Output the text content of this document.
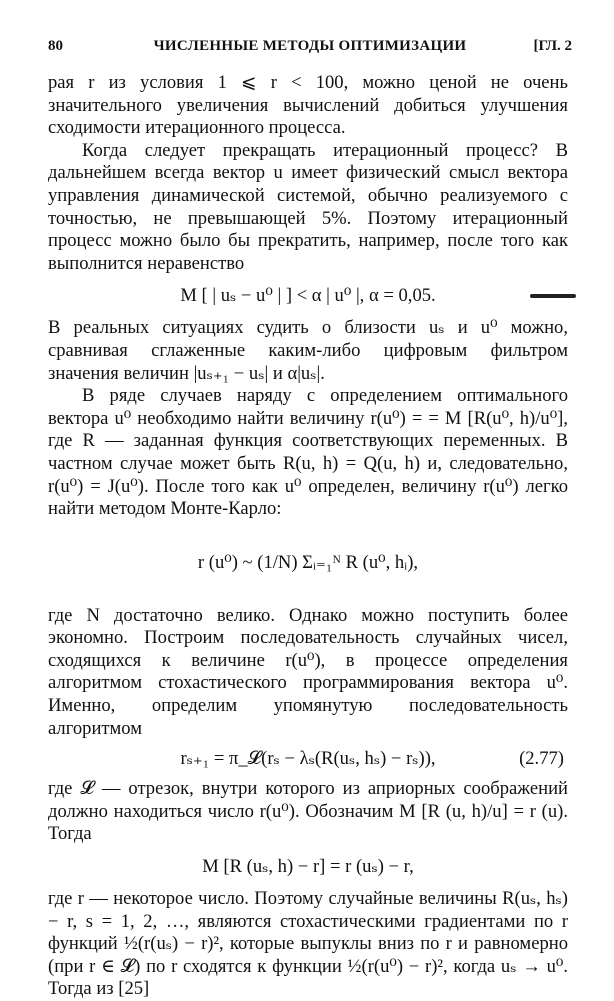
80	ЧИСЛЕННЫЕ МЕТОДЫ ОПТИМИЗАЦИИ	[ГЛ. 2

рая r из условия 1 ⩽ r < 100, можно ценой не очень значительного увеличения вычислений добиться улучшения сходимости итерационного процесса.

Когда следует прекращать итерационный процесс? В дальнейшем всегда вектор u имеет физический смысл вектора управления динамической системой, обычно реализуемого с точностью, не превышающей 5%. Поэтому итерационный процесс можно было бы прекратить, например, после того как выполнится неравенство

M [ | uₛ − u⁰ | ] < α | u⁰ |, α = 0,05.

В реальных ситуациях судить о близости uₛ и u⁰ можно, сравнивая сглаженные каким-либо цифровым фильтром значения величин |uₛ₊₁ − uₛ| и α|uₛ|.

В ряде случаев наряду с определением оптимального вектора u⁰ необходимо найти величину r(u⁰) = = M [R(u⁰, h)/u⁰], где R — заданная функция соответствующих переменных. В частном случае может быть R(u, h) = Q(u, h) и, следовательно, r(u⁰) = J(u⁰). После того как u⁰ определен, величину r(u⁰) легко найти методом Монте-Карло:

r (u⁰) ~ (1/N) Σᵢ₌₁ᴺ R (u⁰, hᵢ),

где N достаточно велико. Однако можно поступить более экономно. Построим последовательность случайных чисел, сходящихся к величине r(u⁰), в процессе определения алгоритмом стохастического программирования вектора u⁰. Именно, определим упомянутую последовательность алгоритмом

rₛ₊₁ = π_𝓛(rₛ − λₛ(R(uₛ, hₛ) − rₛ)),	(2.77)

где 𝓛 — отрезок, внутри которого из априорных соображений должно находиться число r(u⁰). Обозначим M [R (u, h)/u] = r (u). Тогда

M [R (uₛ, h) − r] = r (uₛ) − r,

где r — некоторое число. Поэтому случайные величины R(uₛ, hₛ) − r, s = 1, 2, …, являются стохастическими градиентами по r функций ½(r(uₛ) − r)², которые выпуклы вниз по r и равномерно (при r ∈ 𝓛) по r сходятся к функции ½(r(u⁰) − r)², когда uₛ → u⁰. Тогда из [25]
